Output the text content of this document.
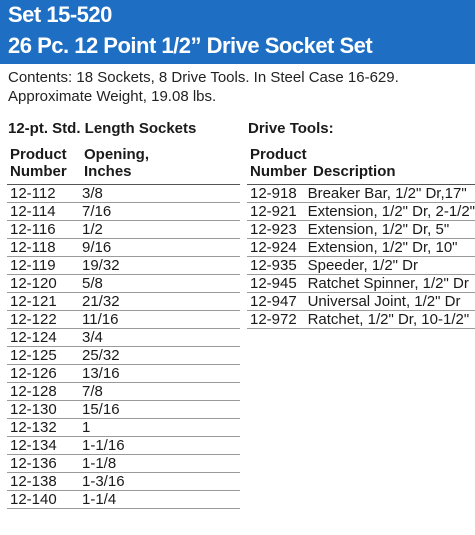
Set 15-520
26 Pc. 12 Point 1/2” Drive Socket Set
Contents: 18 Sockets, 8 Drive Tools. In Steel Case 16-629.
Approximate Weight, 19.08 lbs.
12-pt. Std. Length Sockets
Product
Number
Opening,
Inches
12-112	3/8
12-114	7/16
12-116	1/2
12-118	9/16
12-119	19/32
12-120	5/8
12-121	21/32
12-122	11/16
12-124	3/4
12-125	25/32
12-126	13/16
12-128	7/8
12-130	15/16
12-132	1
12-134	1-1/16
12-136	1-1/8
12-138	1-3/16
12-140	1-1/4
Drive Tools:
Product
Number Description
12-918	Breaker Bar, 1/2" Dr,17"
12-921	Extension, 1/2" Dr, 2-1/2"
12-923	Extension, 1/2" Dr, 5"
12-924	Extension, 1/2" Dr, 10"
12-935	Speeder, 1/2" Dr
12-945	Ratchet Spinner, 1/2" Dr
12-947	Universal Joint, 1/2" Dr
12-972	Ratchet, 1/2" Dr, 10-1/2"
